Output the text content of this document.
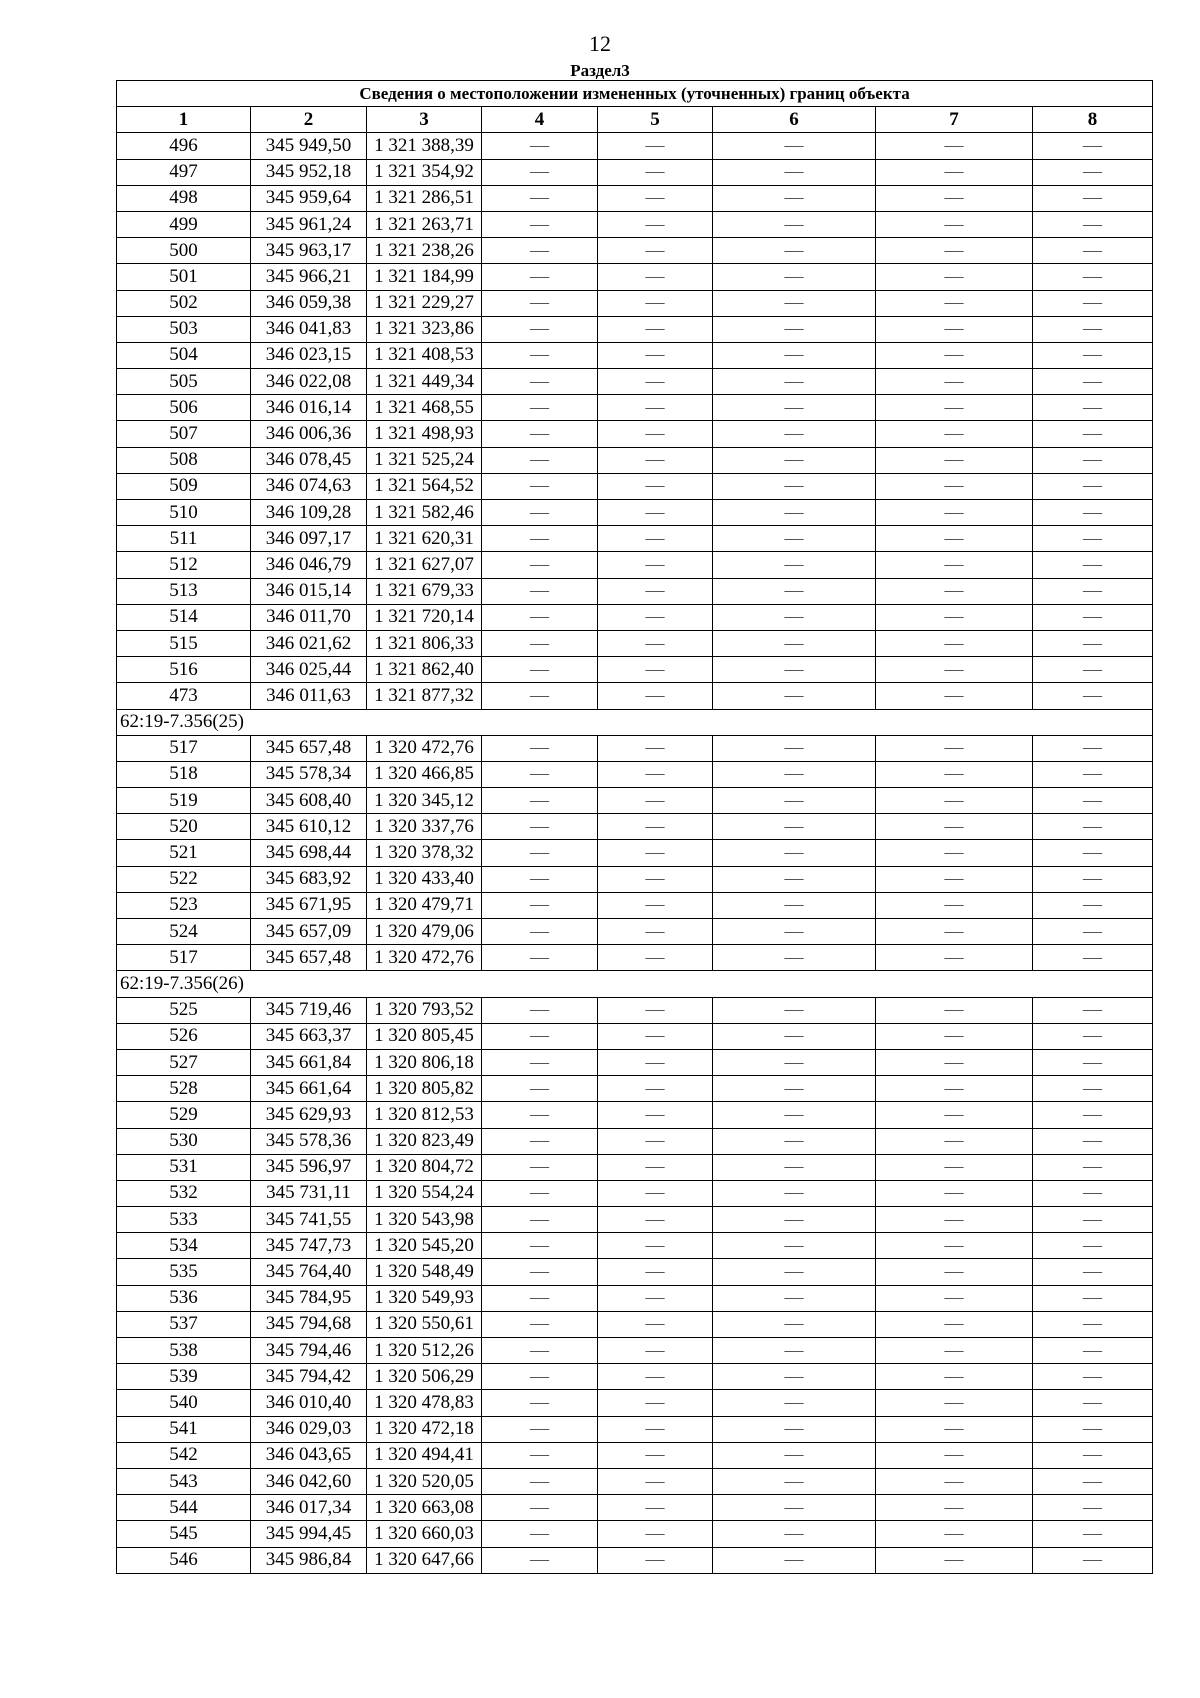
12
Раздел3
Сведения о местоположении измененных (уточненных) границ объекта							
1	2	3	4	5	6	7	8
496	345 949,50	1 321 388,39	—	—	—	—	—
497	345 952,18	1 321 354,92	—	—	—	—	—
498	345 959,64	1 321 286,51	—	—	—	—	—
499	345 961,24	1 321 263,71	—	—	—	—	—
500	345 963,17	1 321 238,26	—	—	—	—	—
501	345 966,21	1 321 184,99	—	—	—	—	—
502	346 059,38	1 321 229,27	—	—	—	—	—
503	346 041,83	1 321 323,86	—	—	—	—	—
504	346 023,15	1 321 408,53	—	—	—	—	—
505	346 022,08	1 321 449,34	—	—	—	—	—
506	346 016,14	1 321 468,55	—	—	—	—	—
507	346 006,36	1 321 498,93	—	—	—	—	—
508	346 078,45	1 321 525,24	—	—	—	—	—
509	346 074,63	1 321 564,52	—	—	—	—	—
510	346 109,28	1 321 582,46	—	—	—	—	—
511	346 097,17	1 321 620,31	—	—	—	—	—
512	346 046,79	1 321 627,07	—	—	—	—	—
513	346 015,14	1 321 679,33	—	—	—	—	—
514	346 011,70	1 321 720,14	—	—	—	—	—
515	346 021,62	1 321 806,33	—	—	—	—	—
516	346 025,44	1 321 862,40	—	—	—	—	—
473	346 011,63	1 321 877,32	—	—	—	—	—
62:19-7.356(25)							
517	345 657,48	1 320 472,76	—	—	—	—	—
518	345 578,34	1 320 466,85	—	—	—	—	—
519	345 608,40	1 320 345,12	—	—	—	—	—
520	345 610,12	1 320 337,76	—	—	—	—	—
521	345 698,44	1 320 378,32	—	—	—	—	—
522	345 683,92	1 320 433,40	—	—	—	—	—
523	345 671,95	1 320 479,71	—	—	—	—	—
524	345 657,09	1 320 479,06	—	—	—	—	—
517	345 657,48	1 320 472,76	—	—	—	—	—
62:19-7.356(26)							
525	345 719,46	1 320 793,52	—	—	—	—	—
526	345 663,37	1 320 805,45	—	—	—	—	—
527	345 661,84	1 320 806,18	—	—	—	—	—
528	345 661,64	1 320 805,82	—	—	—	—	—
529	345 629,93	1 320 812,53	—	—	—	—	—
530	345 578,36	1 320 823,49	—	—	—	—	—
531	345 596,97	1 320 804,72	—	—	—	—	—
532	345 731,11	1 320 554,24	—	—	—	—	—
533	345 741,55	1 320 543,98	—	—	—	—	—
534	345 747,73	1 320 545,20	—	—	—	—	—
535	345 764,40	1 320 548,49	—	—	—	—	—
536	345 784,95	1 320 549,93	—	—	—	—	—
537	345 794,68	1 320 550,61	—	—	—	—	—
538	345 794,46	1 320 512,26	—	—	—	—	—
539	345 794,42	1 320 506,29	—	—	—	—	—
540	346 010,40	1 320 478,83	—	—	—	—	—
541	346 029,03	1 320 472,18	—	—	—	—	—
542	346 043,65	1 320 494,41	—	—	—	—	—
543	346 042,60	1 320 520,05	—	—	—	—	—
544	346 017,34	1 320 663,08	—	—	—	—	—
545	345 994,45	1 320 660,03	—	—	—	—	—
546	345 986,84	1 320 647,66	—	—	—	—	—
